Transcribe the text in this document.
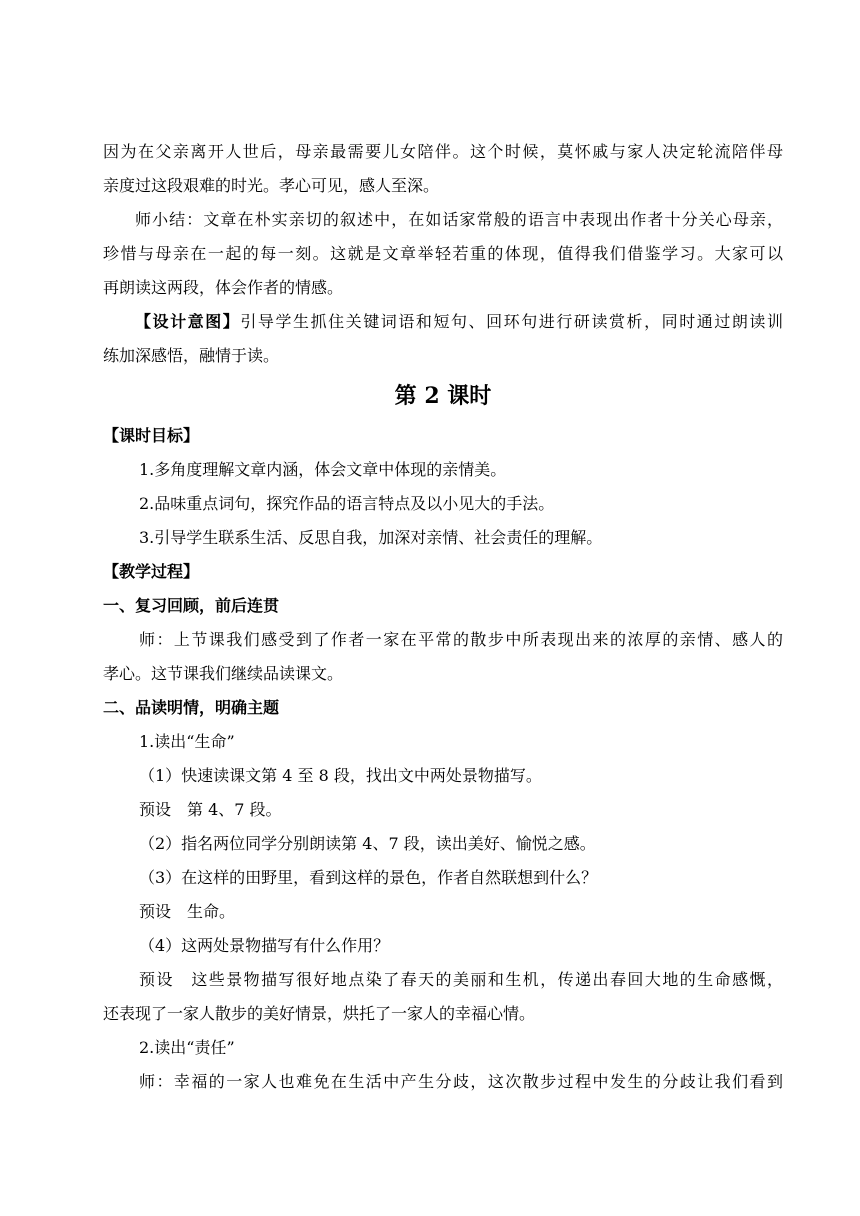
因为在父亲离开人世后，母亲最需要儿女陪伴。这个时候，莫怀戚与家人决定轮流陪伴母
亲度过这段艰难的时光。孝心可见，感人至深。
师小结：文章在朴实亲切的叙述中，在如话家常般的语言中表现出作者十分关心母亲，
珍惜与母亲在一起的每一刻。这就是文章举轻若重的体现，值得我们借鉴学习。大家可以
再朗读这两段，体会作者的情感。
【设计意图】引导学生抓住关键词语和短句、回环句进行研读赏析，同时通过朗读训
练加深感悟，融情于读。
第 2 课时
【课时目标】
1.多角度理解文章内涵，体会文章中体现的亲情美。
2.品味重点词句，探究作品的语言特点及以小见大的手法。
3.引导学生联系生活、反思自我，加深对亲情、社会责任的理解。
【教学过程】
一、复习回顾，前后连贯
师：上节课我们感受到了作者一家在平常的散步中所表现出来的浓厚的亲情、感人的
孝心。这节课我们继续品读课文。
二、品读明情，明确主题
1.读出“生命”
（1）快速读课文第 4 至 8 段，找出文中两处景物描写。
预设　第 4、7 段。
（2）指名两位同学分别朗读第 4、7 段，读出美好、愉悦之感。
（3）在这样的田野里，看到这样的景色，作者自然联想到什么？
预设　生命。
（4）这两处景物描写有什么作用？
预设　这些景物描写很好地点染了春天的美丽和生机，传递出春回大地的生命感慨，
还表现了一家人散步的美好情景，烘托了一家人的幸福心情。
2.读出“责任”
师：幸福的一家人也难免在生活中产生分歧，这次散步过程中发生的分歧让我们看到
